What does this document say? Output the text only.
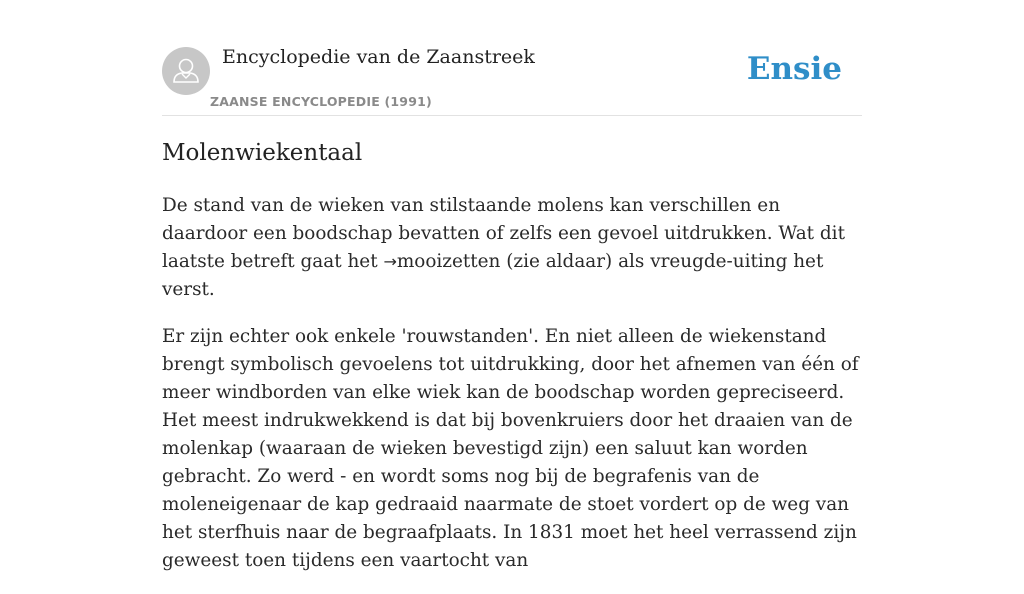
Encyclopedie van de Zaanstreek
ZAANSE ENCYCLOPEDIE (1991)
Ensie
Molenwiekentaal

De stand van de wieken van stilstaande molens kan verschillen en daardoor een boodschap bevatten of zelfs een gevoel uitdrukken. Wat dit laatste betreft gaat het →mooizetten (zie aldaar) als vreugde-uiting het verst.

Er zijn echter ook enkele 'rouwstanden'. En niet alleen de wiekenstand brengt symbolisch gevoelens tot uitdrukking, door het afnemen van één of meer windborden van elke wiek kan de boodschap worden gepreciseerd. Het meest indrukwekkend is dat bij bovenkruiers door het draaien van de molenkap (waaraan de wieken bevestigd zijn) een saluut kan worden gebracht. Zo werd - en wordt soms nog bij de begrafenis van de moleneigenaar de kap gedraaid naarmate de stoet vordert op de weg van het sterfhuis naar de begraafplaats. In 1831 moet het heel verrassend zijn geweest toen tijdens een vaartocht van
